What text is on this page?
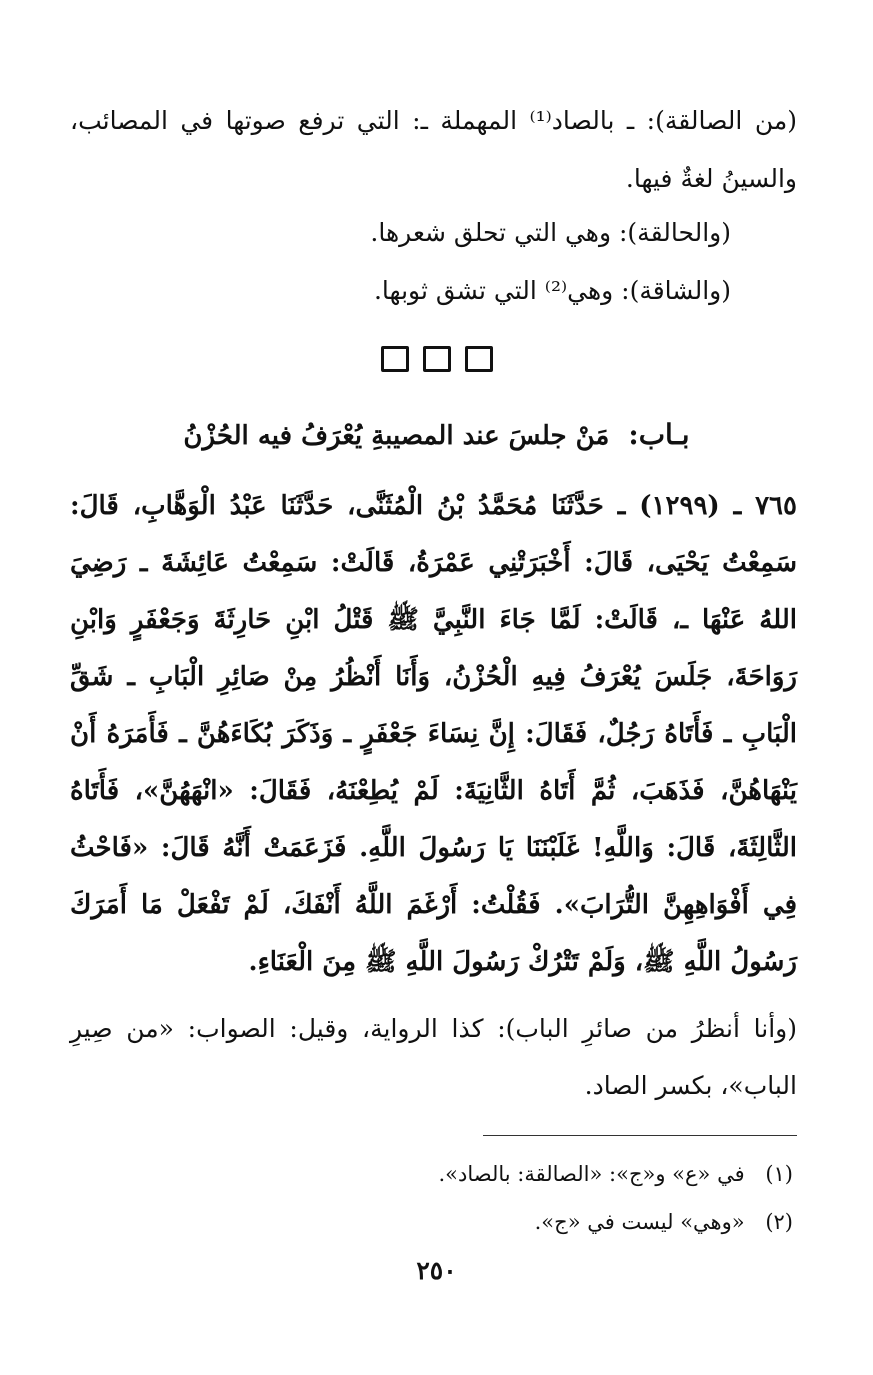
(من الصالقة): ـ بالصاد⁽¹⁾ المهملة ـ: التي ترفع صوتها في المصائب، والسينُ لغةٌ فيها.
(والحالقة): وهي التي تحلق شعرها.
(والشاقة): وهي⁽²⁾ التي تشق ثوبها.
بـاب: مَنْ جلسَ عند المصيبةِ يُعْرَفُ فيه الحُزْنُ
٧٦٥ ـ (١٢٩٩) ـ حَدَّثَنَا مُحَمَّدُ بْنُ الْمُثَنَّى، حَدَّثَنَا عَبْدُ الْوَهَّابِ، قَالَ: سَمِعْتُ يَحْيَى، قَالَ: أَخْبَرَتْنِي عَمْرَةُ، قَالَتْ: سَمِعْتُ عَائِشَةَ ـ رَضِيَ اللهُ عَنْهَا ـ، قَالَتْ: لَمَّا جَاءَ النَّبِيَّ ﷺ قَتْلُ ابْنِ حَارِثَةَ وَجَعْفَرٍ وَابْنِ رَوَاحَةَ، جَلَسَ يُعْرَفُ فِيهِ الْحُزْنُ، وَأَنَا أَنْظُرُ مِنْ صَائِرِ الْبَابِ ـ شَقِّ الْبَابِ ـ فَأَتَاهُ رَجُلٌ، فَقَالَ: إِنَّ نِسَاءَ جَعْفَرٍ ـ وَذَكَرَ بُكَاءَهُنَّ ـ فَأَمَرَهُ أَنْ يَنْهَاهُنَّ، فَذَهَبَ، ثُمَّ أَتَاهُ الثَّانِيَةَ: لَمْ يُطِعْنَهُ، فَقَالَ: «انْهَهُنَّ»، فَأَتَاهُ الثَّالِثَةَ، قَالَ: وَاللَّهِ! غَلَبْنَنَا يَا رَسُولَ اللَّهِ. فَزَعَمَتْ أَنَّهُ قَالَ: «فَاحْثُ فِي أَفْوَاهِهِنَّ التُّرَابَ». فَقُلْتُ: أَرْغَمَ اللَّهُ أَنْفَكَ، لَمْ تَفْعَلْ مَا أَمَرَكَ رَسُولُ اللَّهِ ﷺ، وَلَمْ تَتْرُكْ رَسُولَ اللَّهِ ﷺ مِنَ الْعَنَاءِ.
(وأنا أنظرُ من صائرِ الباب): كذا الرواية، وقيل: الصواب: «من صِيرِ الباب»، بكسر الصاد.
(١) في «ع» و«ج»: «الصالقة: بالصاد».
(٢) «وهي» ليست في «ج».
٢٥٠
